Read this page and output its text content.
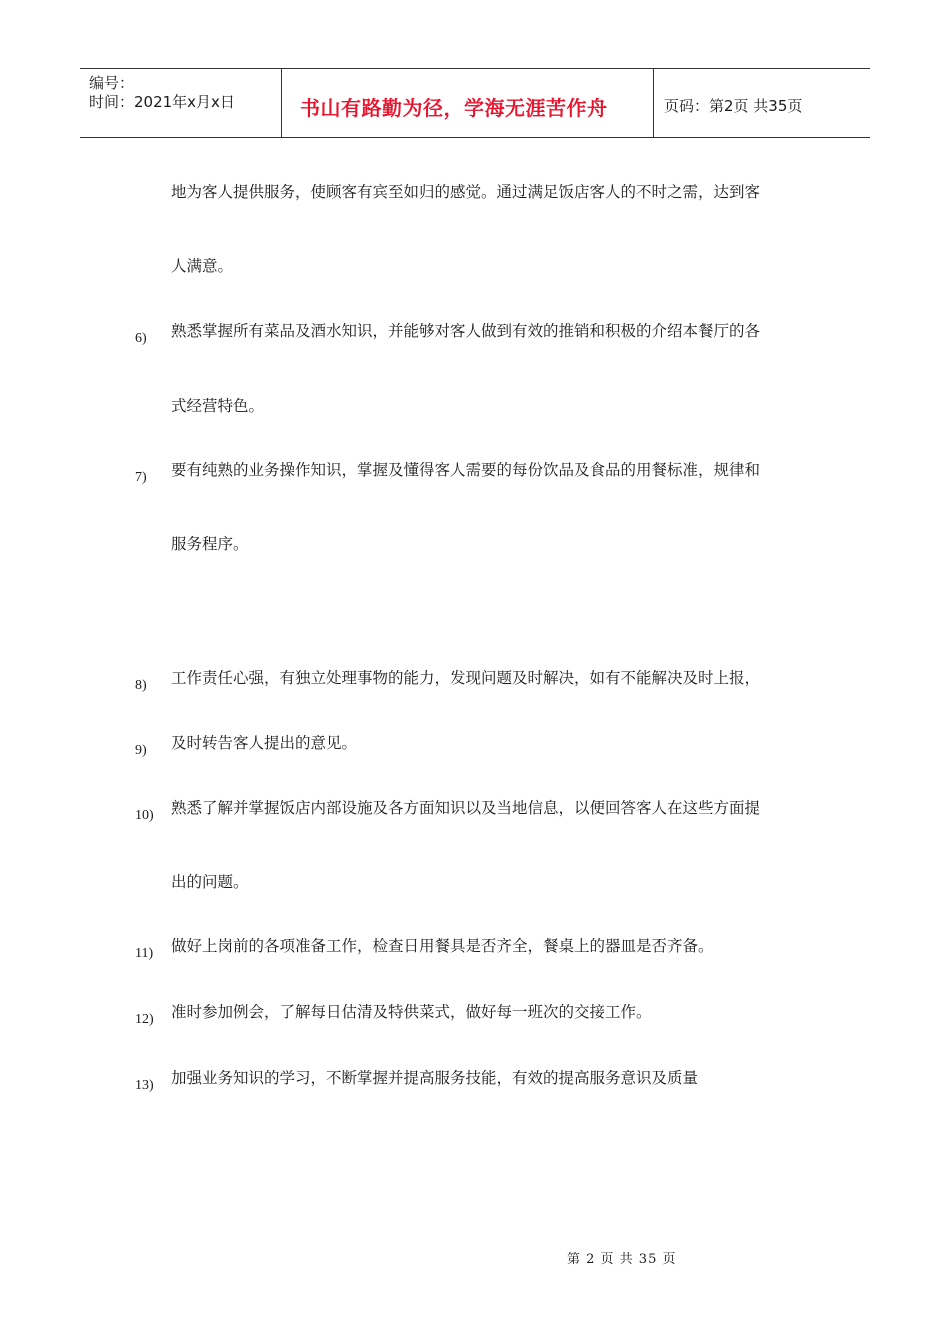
编号：
时间：2021年x月x日	书山有路勤为径，学海无涯苦作舟	页码：第2页 共35页
地为客人提供服务，使顾客有宾至如归的感觉。通过满足饭店客人的不时之需，达到客
人满意。
6) 熟悉掌握所有菜品及酒水知识，并能够对客人做到有效的推销和积极的介绍本餐厅的各
式经营特色。
7) 要有纯熟的业务操作知识，掌握及懂得客人需要的每份饮品及食品的用餐标准，规律和
服务程序。
8) 工作责任心强，有独立处理事物的能力，发现问题及时解决，如有不能解决及时上报，
9) 及时转告客人提出的意见。
10) 熟悉了解并掌握饭店内部设施及各方面知识以及当地信息，以便回答客人在这些方面提
出的问题。
11) 做好上岗前的各项准备工作，检查日用餐具是否齐全，餐桌上的器皿是否齐备。
12) 准时参加例会，了解每日估清及特供菜式，做好每一班次的交接工作。
13) 加强业务知识的学习，不断掌握并提高服务技能，有效的提高服务意识及质量
第 2 页 共 35 页
